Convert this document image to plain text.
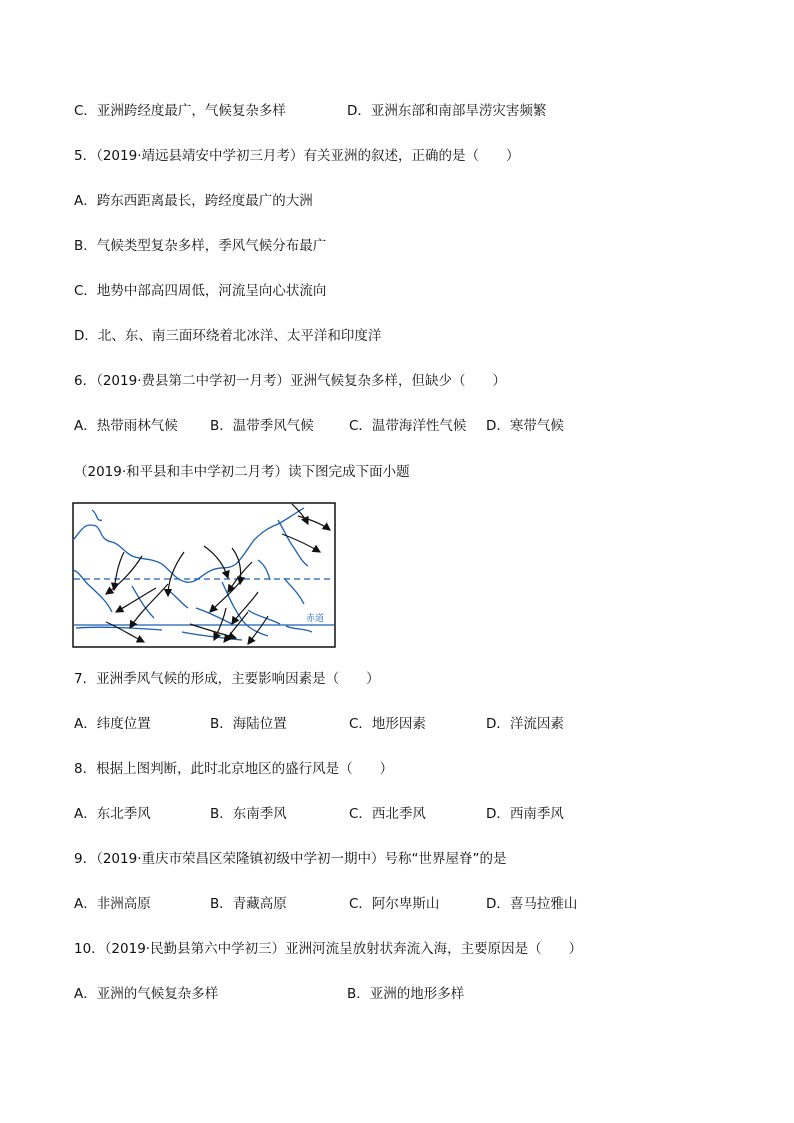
C．亚洲跨经度最广，气候复杂多样	D．亚洲东部和南部旱涝灾害频繁
5．（2019·靖远县靖安中学初三月考）有关亚洲的叙述，正确的是（　　）
A．跨东西距离最长，跨经度最广的大洲
B．气候类型复杂多样，季风气候分布最广
C．地势中部高四周低，河流呈向心状流向
D．北、东、南三面环绕着北冰洋、太平洋和印度洋
6．（2019·费县第二中学初一月考）亚洲气候复杂多样，但缺少（　　）
A．热带雨林气候 B．温带季风气候	C．温带海洋性气候 D．寒带气候
（2019·和平县和丰中学初二月考）读下图完成下面小题
赤道
7．亚洲季风气候的形成，主要影响因素是（　　）
A．纬度位置	B．海陆位置	C．地形因素	D．洋流因素
8．根据上图判断，此时北京地区的盛行风是（　　）
A．东北季风	B．东南季风	C．西北季风	D．西南季风
9．（2019·重庆市荣昌区荣隆镇初级中学初一期中）号称“世界屋脊”的是
A．非洲高原	B．青藏高原	C．阿尔卑斯山	D．喜马拉雅山
10．（2019·民勤县第六中学初三）亚洲河流呈放射状奔流入海，主要原因是（　　）
A．亚洲的气候复杂多样	B．亚洲的地形多样
